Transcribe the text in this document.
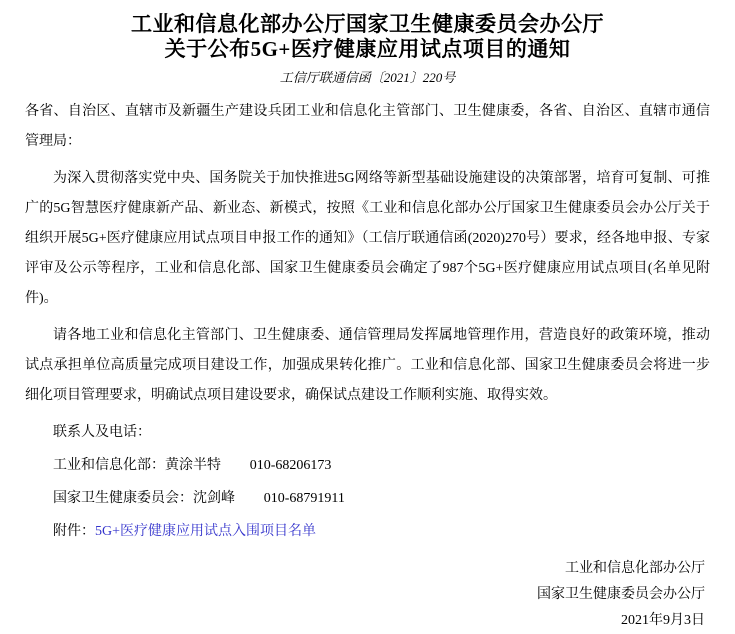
工业和信息化部办公厅国家卫生健康委员会办公厅
关于公布5G+医疗健康应用试点项目的通知
工信厅联通信函〔2021〕220号

各省、自治区、直辖市及新疆生产建设兵团工业和信息化主管部门、卫生健康委，各省、自治区、直辖市通信管理局：

为深入贯彻落实党中央、国务院关于加快推进5G网络等新型基础设施建设的决策部署，培育可复制、可推广的5G智慧医疗健康新产品、新业态、新模式，按照《工业和信息化部办公厅国家卫生健康委员会办公厅关于组织开展5G+医疗健康应用试点项目申报工作的通知》（工信厅联通信函(2020)270号）要求，经各地申报、专家评审及公示等程序，工业和信息化部、国家卫生健康委员会确定了987个5G+医疗健康应用试点项目(名单见附件)。

请各地工业和信息化主管部门、卫生健康委、通信管理局发挥属地管理作用，营造良好的政策环境，推动试点承担单位高质量完成项目建设工作，加强成果转化推广。工业和信息化部、国家卫生健康委员会将进一步细化项目管理要求，明确试点项目建设要求，确保试点建设工作顺利实施、取得实效。

联系人及电话：

工业和信息化部：黄涂半特 010-68206173

国家卫生健康委员会：沈剑峰 010-68791911

附件：5G+医疗健康应用试点入围项目名单

工业和信息化部办公厅
国家卫生健康委员会办公厅
2021年9月3日
